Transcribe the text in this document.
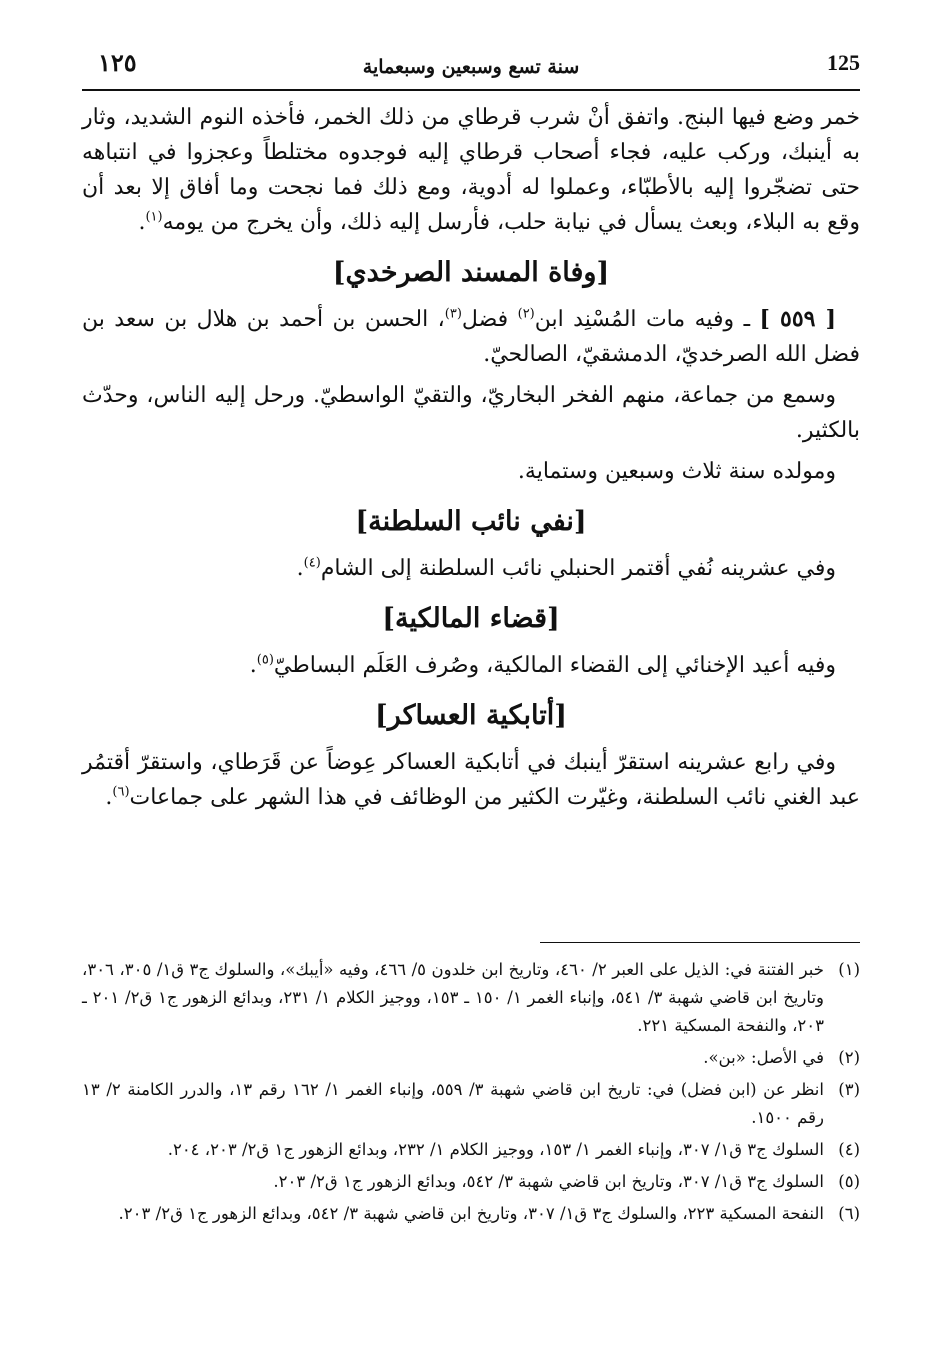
١٢٥	سنة تسع وسبعين وسبعماية	125

خمر وضع فيها البنج. واتفق أنْ شرب قرطاي من ذلك الخمر، فأخذه النوم الشديد، وثار به أينبك، وركب عليه، فجاء أصحاب قرطاي إليه فوجدوه مختلطاً وعجزوا في انتباهه حتى تضجّروا إليه بالأطبّاء، وعملوا له أدوية، ومع ذلك فما نجحت وما أفاق إلا بعد أن وقع به البلاء، وبعث يسأل في نيابة حلب، فأرسل إليه ذلك، وأن يخرج من يومه$^{(١)}$.

[وفاة المسند الصرخدي]

[ ٥٥٩ ] ـ وفيه مات المُسْنِد ابن$^{(٢)}$ فضل$^{(٣)}$، الحسن بن أحمد بن هلال بن سعد بن فضل الله الصرخديّ، الدمشقيّ، الصالحيّ.

وسمع من جماعة، منهم الفخر البخاريّ، والتقيّ الواسطيّ. ورحل إليه الناس، وحدّث بالكثير.

ومولده سنة ثلاث وسبعين وستماية.

[نفي نائب السلطنة]

وفي عشرينه نُفي أقتمر الحنبلي نائب السلطنة إلى الشام$^{(٤)}$.

[قضاء المالكية]

وفيه أعيد الإخنائي إلى القضاء المالكية، وصُرف العَلَم البساطيّ$^{(٥)}$.

[أتابكية العساكر]

وفي رابع عشرينه استقرّ أينبك في أتابكية العساكر عِوضاً عن قَرَطاي، واستقرّ أقتمُر عبد الغني نائب السلطنة، وغيّرت الكثير من الوظائف في هذا الشهر على جماعات$^{(٦)}$.

(١)
خبر الفتنة في: الذيل على العبر ٢/ ٤٦٠، وتاريخ ابن خلدون ٥/ ٤٦٦، وفيه «أيبك»، والسلوك ج٣ ق١/ ٣٠٥، ٣٠٦، وتاريخ ابن قاضي شهبة ٣/ ٥٤١، وإنباء الغمر ١/ ١٥٠ ـ ١٥٣، ووجيز الكلام ١/ ٢٣١، وبدائع الزهور ج١ ق٢/ ٢٠١ ـ ٢٠٣، والنفحة المسكية ٢٢١.
(٢)
في الأصل: «بن».
(٣)
انظر عن (ابن فضل) في: تاريخ ابن قاضي شهبة ٣/ ٥٥٩، وإنباء الغمر ١/ ١٦٢ رقم ١٣، والدرر الكامنة ٢/ ١٣ رقم ١٥٠٠.
(٤)
السلوك ج٣ ق١/ ٣٠٧، وإنباء الغمر ١/ ١٥٣، ووجيز الكلام ١/ ٢٣٢، وبدائع الزهور ج١ ق٢/ ٢٠٣، ٢٠٤.
(٥)
السلوك ج٣ ق١/ ٣٠٧، وتاريخ ابن قاضي شهبة ٣/ ٥٤٢، وبدائع الزهور ج١ ق٢/ ٢٠٣.
(٦)
النفحة المسكية ٢٢٣، والسلوك ج٣ ق١/ ٣٠٧، وتاريخ ابن قاضي شهبة ٣/ ٥٤٢، وبدائع الزهور ج١ ق٢/ ٢٠٣.
